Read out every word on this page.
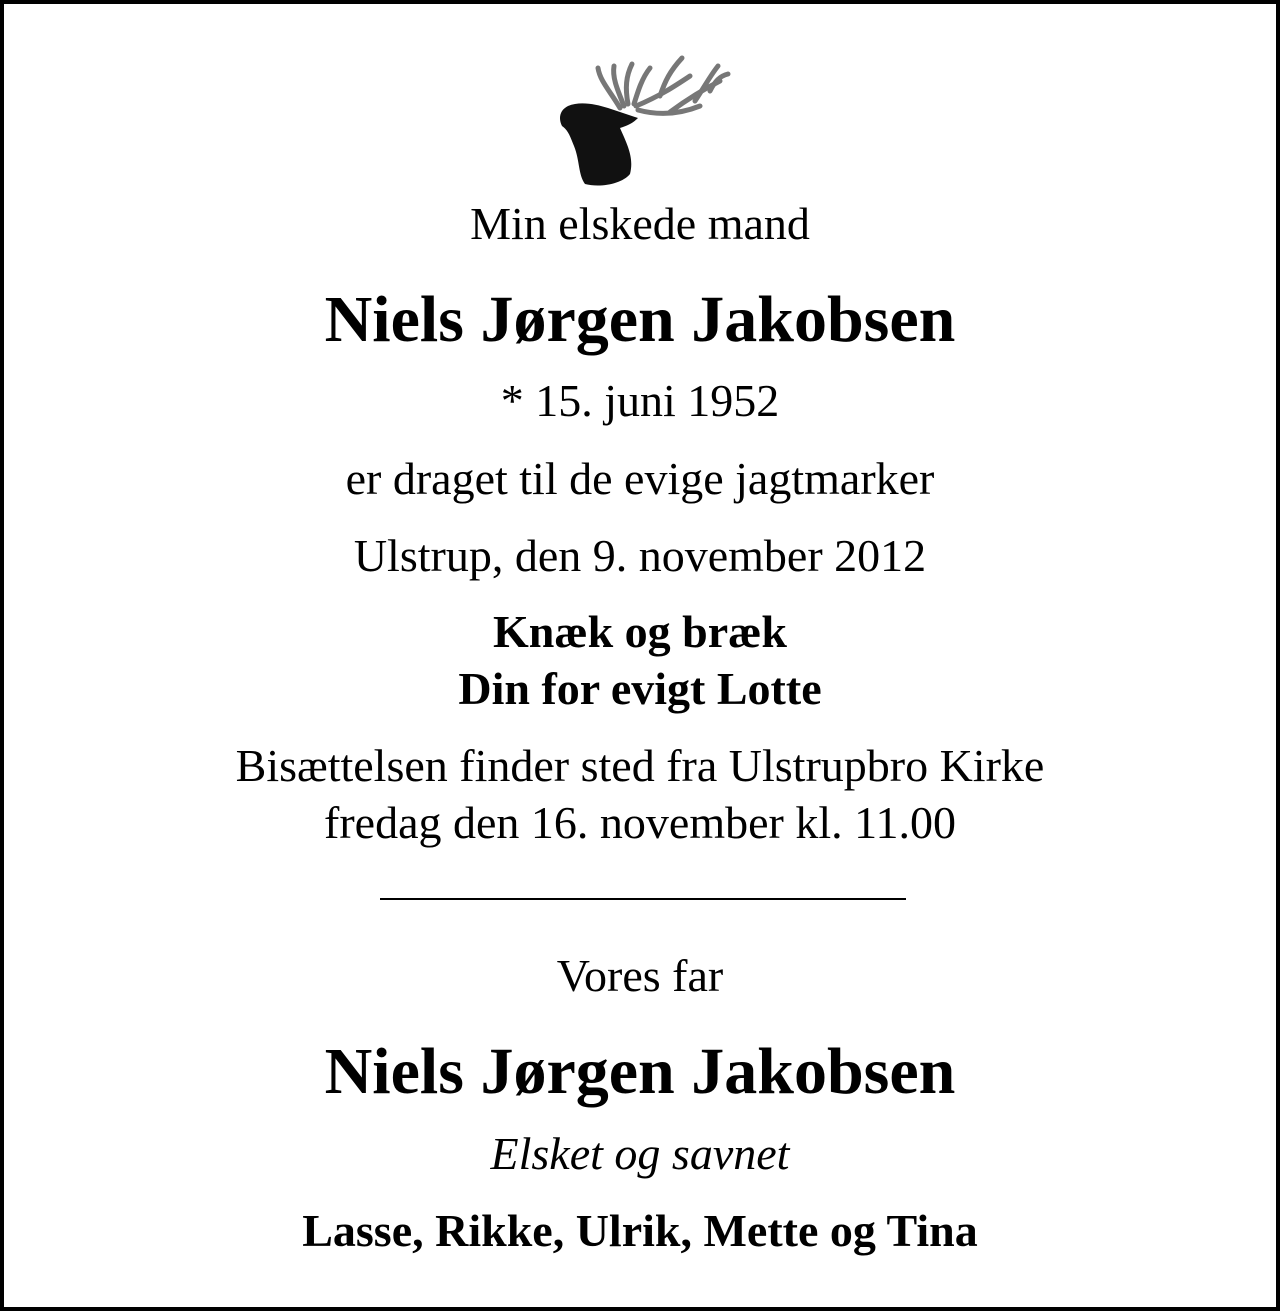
Min elskede mand
Niels Jørgen Jakobsen
* 15. juni 1952
er draget til de evige jagtmarker
Ulstrup, den 9. november 2012
Knæk og bræk
Din for evigt Lotte
Bisættelsen finder sted fra Ulstrupbro Kirke
fredag den 16. november kl. 11.00
Vores far
Niels Jørgen Jakobsen
Elsket og savnet
Lasse, Rikke, Ulrik, Mette og Tina
